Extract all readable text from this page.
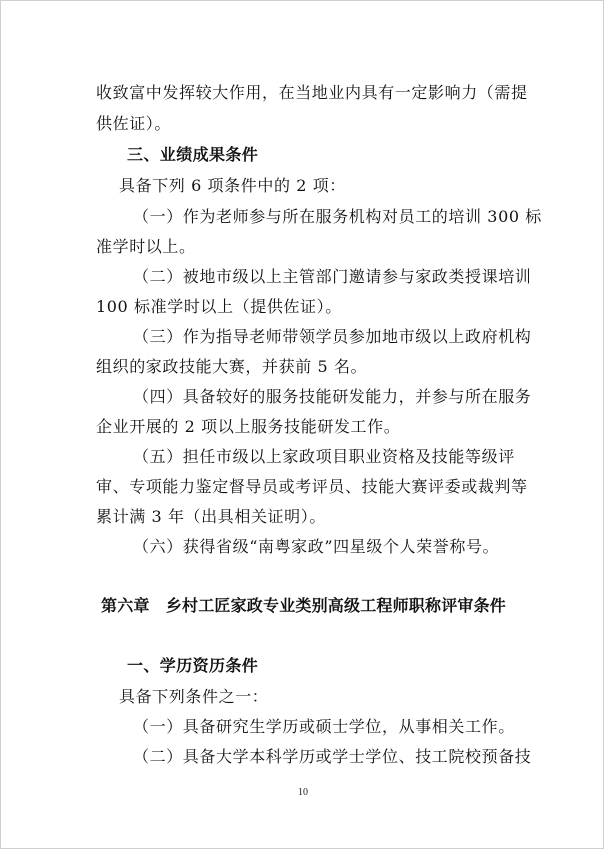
收致富中发挥较大作用，在当地业内具有一定影响力（需提
供佐证）。
三、业绩成果条件
具备下列 6 项条件中的 2 项：
（一）作为老师参与所在服务机构对员工的培训 300 标
准学时以上。
（二）被地市级以上主管部门邀请参与家政类授课培训
100 标准学时以上（提供佐证）。
（三）作为指导老师带领学员参加地市级以上政府机构
组织的家政技能大赛，并获前 5 名。
（四）具备较好的服务技能研发能力，并参与所在服务
企业开展的 2 项以上服务技能研发工作。
（五）担任市级以上家政项目职业资格及技能等级评
审、专项能力鉴定督导员或考评员、技能大赛评委或裁判等
累计满 3 年（出具相关证明）。
（六）获得省级“南粤家政”四星级个人荣誉称号。
第六章　乡村工匠家政专业类别高级工程师职称评审条件
一、学历资历条件
具备下列条件之一：
（一）具备研究生学历或硕士学位，从事相关工作。
（二）具备大学本科学历或学士学位、技工院校预备技
10
